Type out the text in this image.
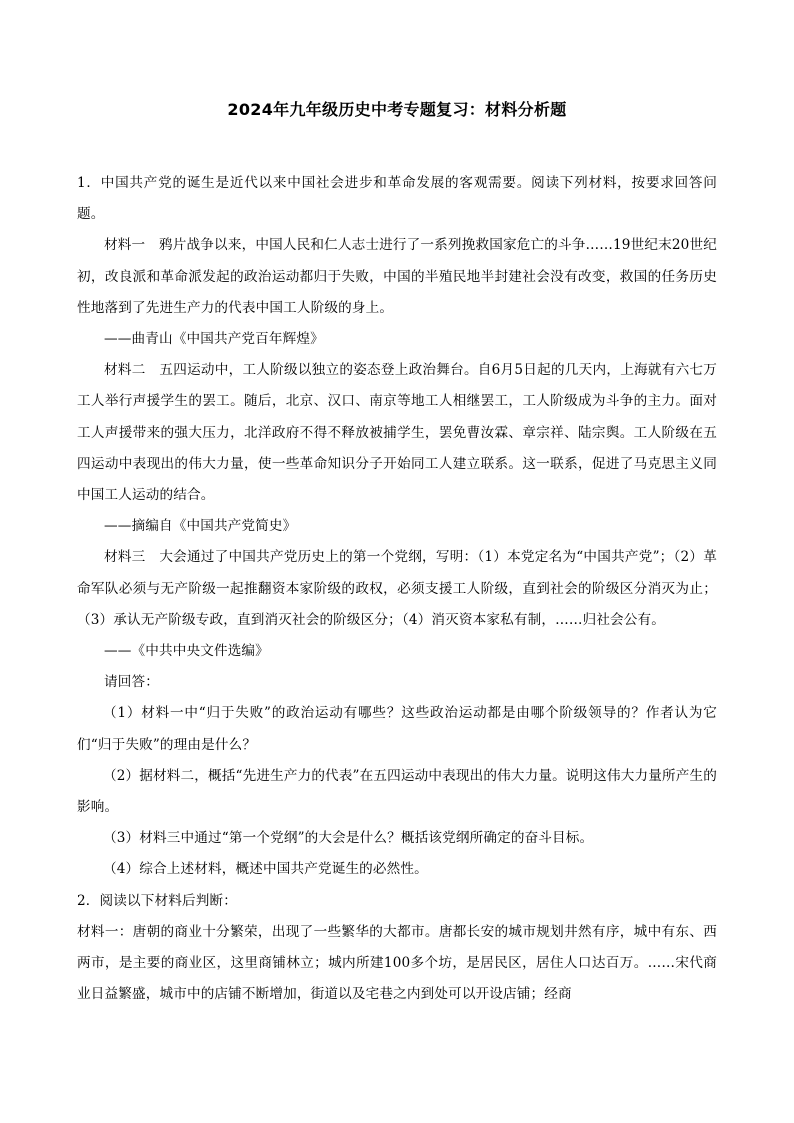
2024年九年级历史中考专题复习：材料分析题

1．中国共产党的诞生是近代以来中国社会进步和革命发展的客观需要。阅读下列材料，按要求回答问题。

材料一　鸦片战争以来，中国人民和仁人志士进行了一系列挽救国家危亡的斗争……19世纪末20世纪初，改良派和革命派发起的政治运动都归于失败，中国的半殖民地半封建社会没有改变，救国的任务历史性地落到了先进生产力的代表中国工人阶级的身上。

——曲青山《中国共产党百年辉煌》

材料二　五四运动中，工人阶级以独立的姿态登上政治舞台。自6月5日起的几天内，上海就有六七万工人举行声援学生的罢工。随后，北京、汉口、南京等地工人相继罢工，工人阶级成为斗争的主力。面对工人声援带来的强大压力，北洋政府不得不释放被捕学生，罢免曹汝霖、章宗祥、陆宗舆。工人阶级在五四运动中表现出的伟大力量，使一些革命知识分子开始同工人建立联系。这一联系，促进了马克思主义同中国工人运动的结合。

——摘编自《中国共产党简史》

材料三　大会通过了中国共产党历史上的第一个党纲，写明：（1）本党定名为“中国共产党”；（2）革命军队必须与无产阶级一起推翻资本家阶级的政权，必须支援工人阶级，直到社会的阶级区分消灭为止；（3）承认无产阶级专政，直到消灭社会的阶级区分；（4）消灭资本家私有制，……归社会公有。

——《中共中央文件选编》

请回答：

（1）材料一中“归于失败”的政治运动有哪些？这些政治运动都是由哪个阶级领导的？作者认为它们“归于失败”的理由是什么？

（2）据材料二，概括“先进生产力的代表”在五四运动中表现出的伟大力量。说明这伟大力量所产生的影响。

（3）材料三中通过“第一个党纲”的大会是什么？概括该党纲所确定的奋斗目标。

（4）综合上述材料，概述中国共产党诞生的必然性。

2．阅读以下材料后判断：

材料一：唐朝的商业十分繁荣，出现了一些繁华的大都市。唐都长安的城市规划井然有序，城中有东、西两市，是主要的商业区，这里商铺林立；城内所建100多个坊，是居民区，居住人口达百万。……宋代商业日益繁盛，城市中的店铺不断增加，街道以及宅巷之内到处可以开设店铺；经商
